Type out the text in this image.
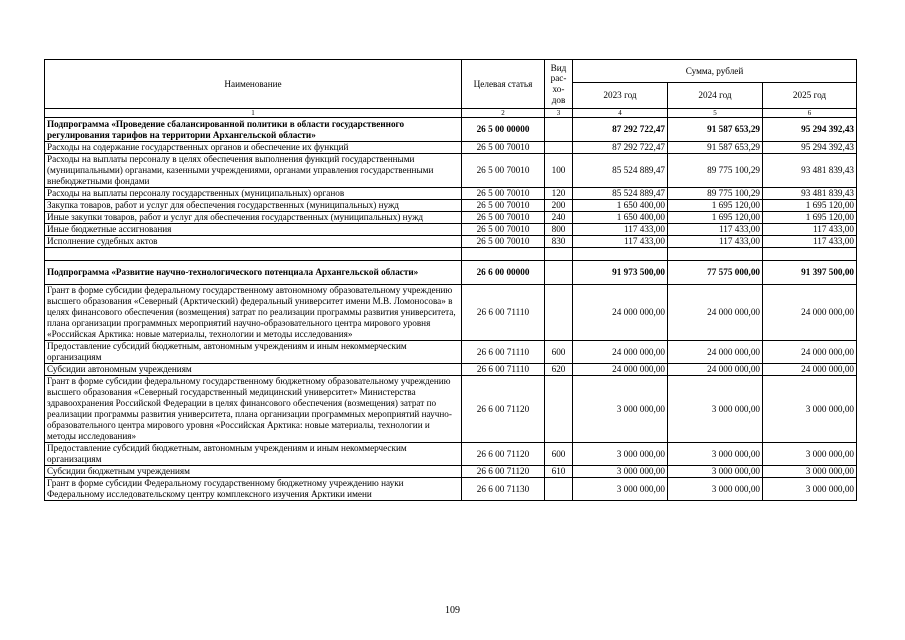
Наименование	Целевая статья	Вид
рас-
хо-
дов	Сумма, рублей		
			2023 год	2024 год	2025 год
1	2	3	4	5	6
Подпрограмма «Проведение сбалансированной политики в области государственного регулирования тарифов на территории Архангельской области»	26 5 00 00000		87 292 722,47	91 587 653,29	95 294 392,43
Расходы на содержание государственных органов и обеспечение их функций	26 5 00 70010		87 292 722,47	91 587 653,29	95 294 392,43
Расходы на выплаты персоналу в целях обеспечения выполнения функций государственными (муниципальными) органами, казенными учреждениями, органами управления государственными внебюджетными фондами	26 5 00 70010	100	85 524 889,47	89 775 100,29	93 481 839,43
Расходы на выплаты персоналу государственных (муниципальных) органов	26 5 00 70010	120	85 524 889,47	89 775 100,29	93 481 839,43
Закупка товаров, работ и услуг для обеспечения государственных (муниципальных) нужд	26 5 00 70010	200	1 650 400,00	1 695 120,00	1 695 120,00
Иные закупки товаров, работ и услуг для обеспечения государственных (муниципальных) нужд	26 5 00 70010	240	1 650 400,00	1 695 120,00	1 695 120,00
Иные бюджетные ассигнования	26 5 00 70010	800	117 433,00	117 433,00	117 433,00
Исполнение судебных актов	26 5 00 70010	830	117 433,00	117 433,00	117 433,00

Подпрограмма «Развитие научно-технологического потенциала Архангельской области»	26 6 00 00000		91 973 500,00	77 575 000,00	91 397 500,00
Грант в форме субсидии федеральному государственному автономному образовательному учреждению высшего образования «Северный (Арктический) федеральный университет имени М.В. Ломоносова» в целях финансового обеспечения (возмещения) затрат по реализации программы развития университета, плана организации программных мероприятий научно-образовательного центра мирового уровня «Российская Арктика: новые материалы, технологии и методы исследования»	26 6 00 71110		24 000 000,00	24 000 000,00	24 000 000,00
Предоставление субсидий бюджетным, автономным учреждениям и иным некоммерческим организациям	26 6 00 71110	600	24 000 000,00	24 000 000,00	24 000 000,00
Субсидии автономным учреждениям	26 6 00 71110	620	24 000 000,00	24 000 000,00	24 000 000,00
Грант в форме субсидии федеральному государственному бюджетному образовательному учреждению высшего образования «Северный государственный медицинский университет» Министерства здравоохранения Российской Федерации в целях финансового обеспечения (возмещения) затрат по реализации программы развития университета, плана организации программных мероприятий научно-образовательного центра мирового уровня «Российская Арктика: новые материалы, технологии и методы исследования»	26 6 00 71120		3 000 000,00	3 000 000,00	3 000 000,00
Предоставление субсидий бюджетным, автономным учреждениям и иным некоммерческим организациям	26 6 00 71120	600	3 000 000,00	3 000 000,00	3 000 000,00
Субсидии бюджетным учреждениям	26 6 00 71120	610	3 000 000,00	3 000 000,00	3 000 000,00
Грант в форме субсидии Федеральному государственному бюджетному учреждению науки Федеральному исследовательскому центру комплексного изучения Арктики имени	26 6 00 71130		3 000 000,00	3 000 000,00	3 000 000,00
109
